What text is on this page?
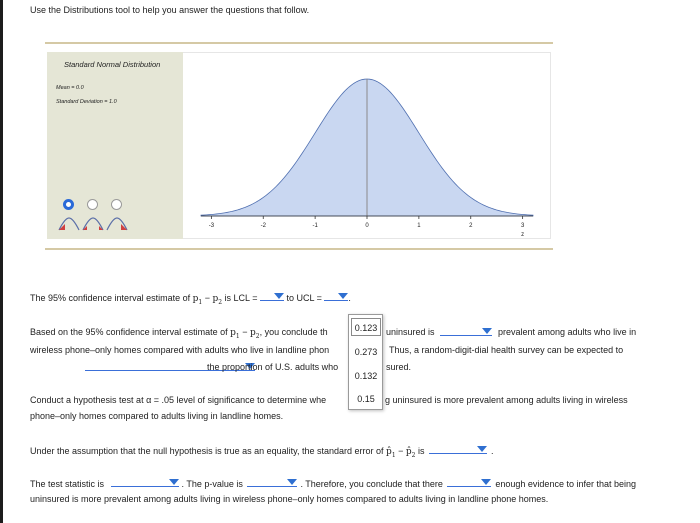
Use the Distributions tool to help you answer the questions that follow.
Standard Normal Distribution
Mean = 0.0
Standard Deviation = 1.0
-3	-2	-1	0	1	2	3
z
The 95% confidence interval estimate of $p_1 - p_2$ is LCL =	to UCL =	.
Based on the 95% confidence interval estimate of $p_1 - p_2$, you conclude th	uninsured is
	prevalent among adults who live in
wireless phone–only homes compared with adults who live in landline phon	Thus, a random-digit-dial health survey can be expected to
the proportion of U.S. adults who	sured.
Conduct a hypothesis test at α = .05 level of significance to determine whe	g uninsured is more prevalent among adults living in wireless
phone–only homes compared to adults living in landline homes.
Under the assumption that the null hypothesis is true as an equality, the standard error of $p̂_1$ − $p̂_2$ is	.
The test statistic is	. The p-value is	. Therefore, you conclude that there	enough evidence to infer that being
uninsured is more prevalent among adults living in wireless phone–only homes compared to adults living in landline phone homes.
0.123
0.273
0.132
0.15
